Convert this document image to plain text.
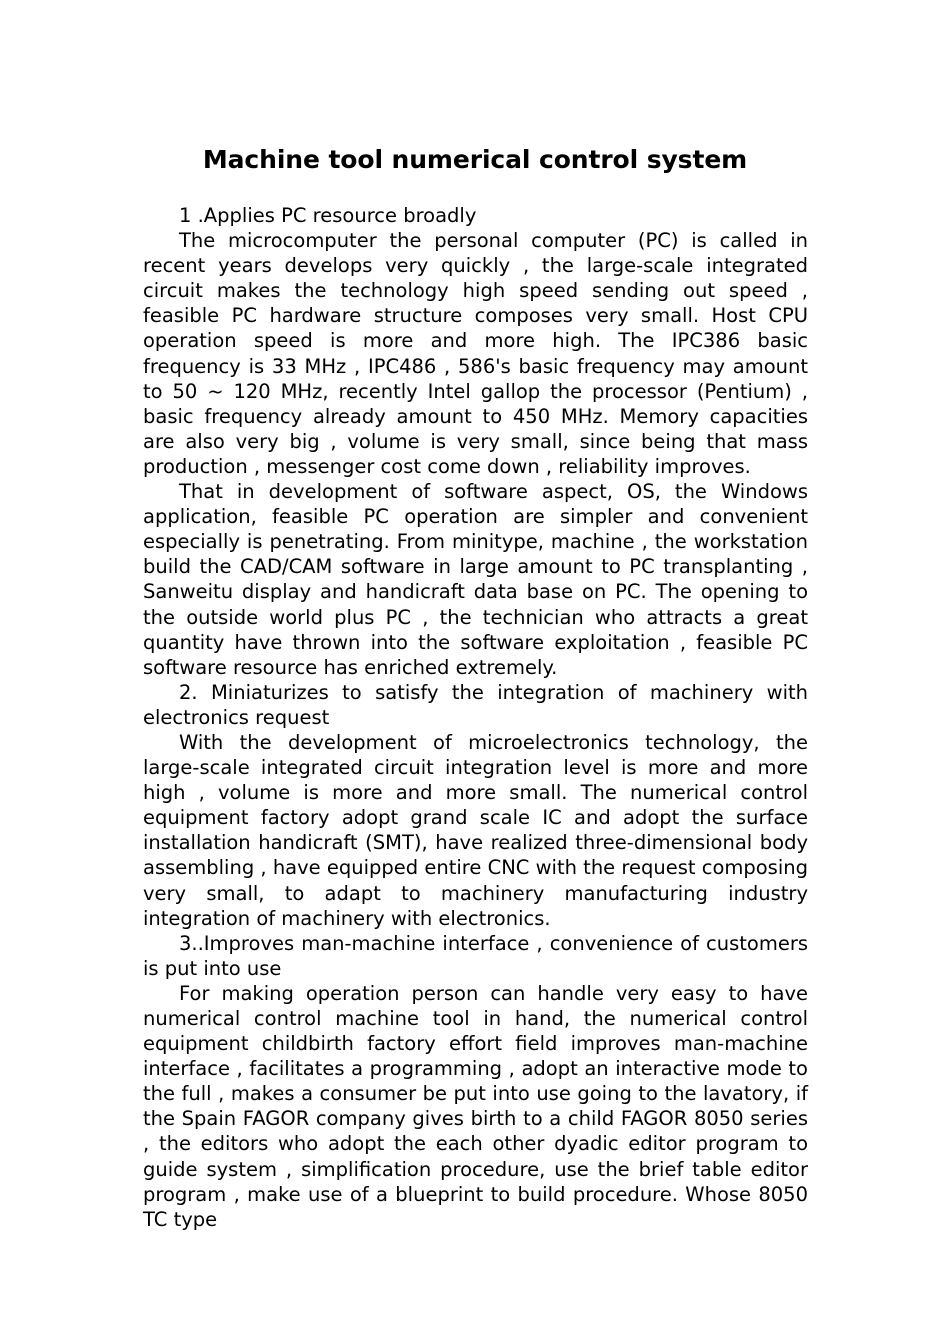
Machine tool numerical control system

1 .Applies PC resource broadly

The microcomputer the personal computer (PC) is called in recent years develops very quickly , the large-scale integrated circuit makes the technology high speed sending out speed , feasible PC hardware structure composes very small. Host CPU operation speed is more and more high. The IPC386 basic frequency is 33 MHz , IPC486 , 586's basic frequency may amount to 50 ~ 120 MHz, recently Intel gallop the processor (Pentium) , basic frequency already amount to 450 MHz. Memory capacities are also very big , volume is very small, since being that mass production , messenger cost come down , reliability improves.

That in development of software aspect, OS, the Windows application, feasible PC operation are simpler and convenient especially is penetrating. From minitype, machine , the workstation build the CAD/CAM software in large amount to PC transplanting , Sanweitu display and handicraft data base on PC. The opening to the outside world plus PC , the technician who attracts a great quantity have thrown into the software exploitation , feasible PC software resource has enriched extremely.

2. Miniaturizes to satisfy the integration of machinery with electronics request

With the development of microelectronics technology, the large-scale integrated circuit integration level is more and more high , volume is more and more small. The numerical control equipment factory adopt grand scale IC and adopt the surface installation handicraft (SMT), have realized three-dimensional body assembling , have equipped entire CNC with the request composing very small, to adapt to machinery manufacturing industry integration of machinery with electronics.

3..Improves man-machine interface , convenience of customers is put into use

For making operation person can handle very easy to have numerical control machine tool in hand, the numerical control equipment childbirth factory effort field improves man-machine interface , facilitates a programming , adopt an interactive mode to the full , makes a consumer be put into use going to the lavatory, if the Spain FAGOR company gives birth to a child FAGOR 8050 series , the editors who adopt the each other dyadic editor program to guide system , simplification procedure, use the brief table editor program , make use of a blueprint to build procedure. Whose 8050 TC type
